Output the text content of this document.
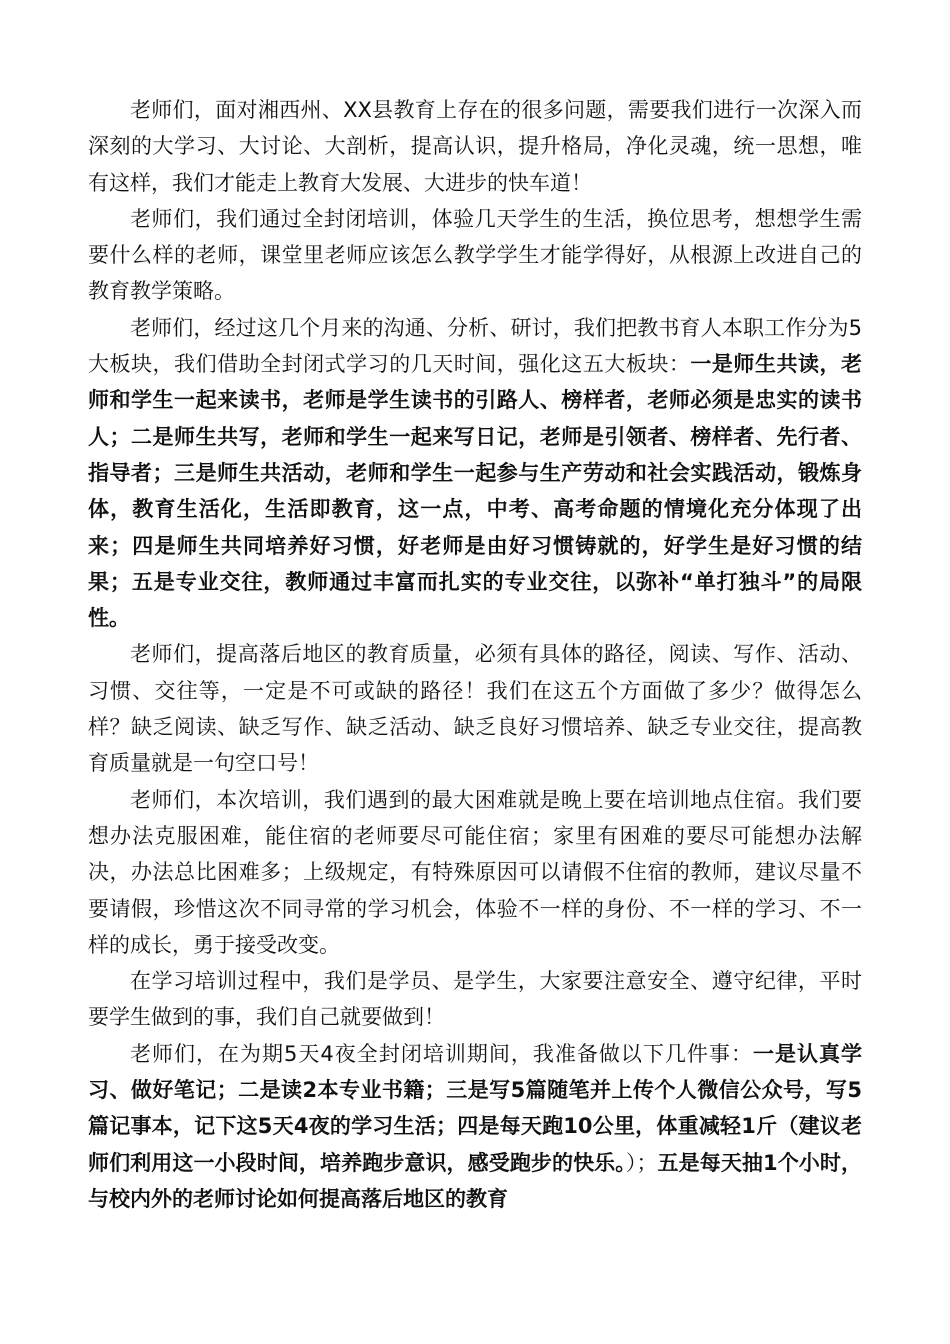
老师们，面对湘西州、XX县教育上存在的很多问题，需要我们进行一次深入而深刻的大学习、大讨论、大剖析，提高认识，提升格局，净化灵魂，统一思想，唯有这样，我们才能走上教育大发展、大进步的快车道！

老师们，我们通过全封闭培训，体验几天学生的生活，换位思考，想想学生需要什么样的老师，课堂里老师应该怎么教学学生才能学得好，从根源上改进自己的教育教学策略。

老师们，经过这几个月来的沟通、分析、研讨，我们把教书育人本职工作分为5大板块，我们借助全封闭式学习的几天时间，强化这五大板块：一是师生共读，老师和学生一起来读书，老师是学生读书的引路人、榜样者，老师必须是忠实的读书人；二是师生共写，老师和学生一起来写日记，老师是引领者、榜样者、先行者、指导者；三是师生共活动，老师和学生一起参与生产劳动和社会实践活动，锻炼身体，教育生活化，生活即教育，这一点，中考、高考命题的情境化充分体现了出来；四是师生共同培养好习惯，好老师是由好习惯铸就的，好学生是好习惯的结果；五是专业交往，教师通过丰富而扎实的专业交往，以弥补“单打独斗”的局限性。

老师们，提高落后地区的教育质量，必须有具体的路径，阅读、写作、活动、习惯、交往等，一定是不可或缺的路径！我们在这五个方面做了多少？做得怎么样？缺乏阅读、缺乏写作、缺乏活动、缺乏良好习惯培养、缺乏专业交往，提高教育质量就是一句空口号！

老师们，本次培训，我们遇到的最大困难就是晚上要在培训地点住宿。我们要想办法克服困难，能住宿的老师要尽可能住宿；家里有困难的要尽可能想办法解决，办法总比困难多；上级规定，有特殊原因可以请假不住宿的教师，建议尽量不要请假，珍惜这次不同寻常的学习机会，体验不一样的身份、不一样的学习、不一样的成长，勇于接受改变。

在学习培训过程中，我们是学员、是学生，大家要注意安全、遵守纪律，平时要学生做到的事，我们自己就要做到！

老师们，在为期5天4夜全封闭培训期间，我准备做以下几件事：一是认真学习、做好笔记；二是读2本专业书籍；三是写5篇随笔并上传个人微信公众号，写5篇记事本，记下这5天4夜的学习生活；四是每天跑10公里，体重减轻1斤（建议老师们利用这一小段时间，培养跑步意识，感受跑步的快乐。）；五是每天抽1个小时，与校内外的老师讨论如何提高落后地区的教育
